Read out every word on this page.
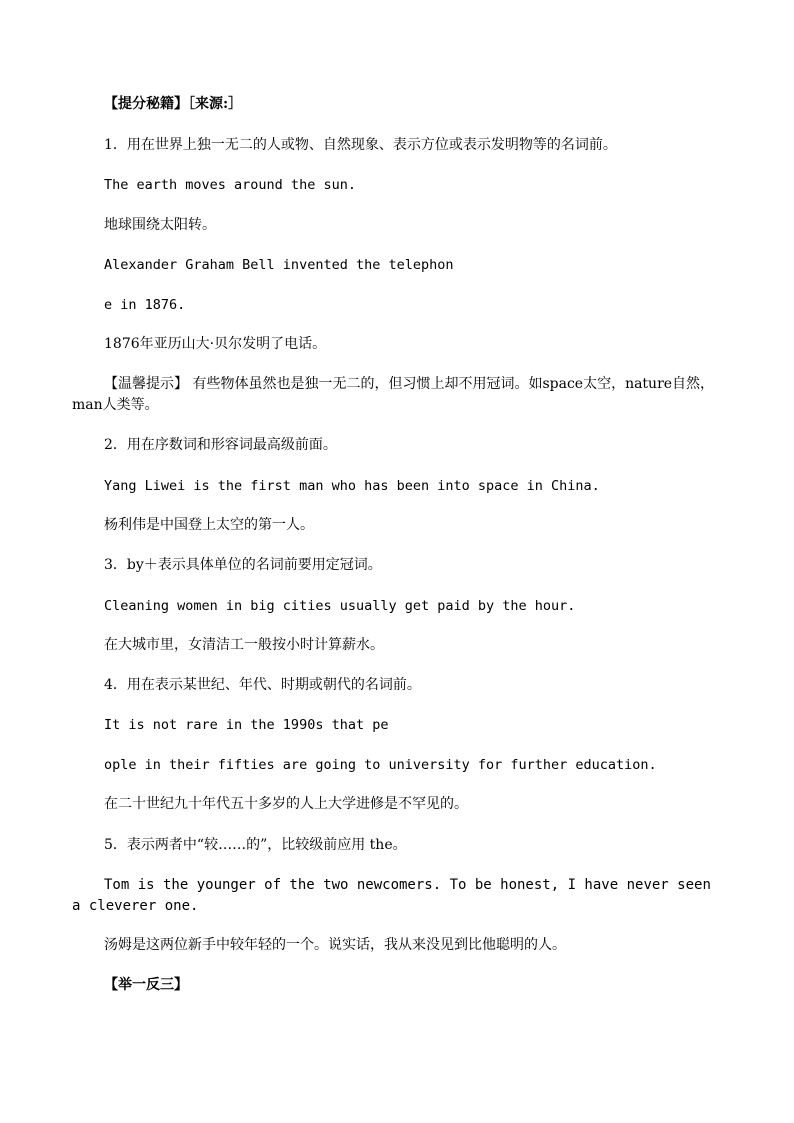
【提分秘籍】［来源:］
1．用在世界上独一无二的人或物、自然现象、表示方位或表示发明物等的名词前。
The earth moves around the sun.
地球围绕太阳转。
Alexander Graham Bell invented the telephon
e in 1876.
1876年亚历山大·贝尔发明了电话。
【温馨提示】 有些物体虽然也是独一无二的，但习惯上却不用冠词。如space太空，nature自然，man人类等。
2．用在序数词和形容词最高级前面。
Yang Liwei is the first man who has been into space in China.
杨利伟是中国登上太空的第一人。
3．by＋表示具体单位的名词前要用定冠词。
Cleaning women in big cities usually get paid by the hour.
在大城市里，女清洁工一般按小时计算薪水。
4．用在表示某世纪、年代、时期或朝代的名词前。
It is not rare in the 1990s that pe
ople in their fifties are going to university for further education.
在二十世纪九十年代五十多岁的人上大学进修是不罕见的。
5．表示两者中“较……的”，比较级前应用 the。
Tom is the younger of the two newcomers. To be honest, I have never seen a cleverer one.
汤姆是这两位新手中较年轻的一个。说实话，我从来没见到比他聪明的人。
【举一反三】
